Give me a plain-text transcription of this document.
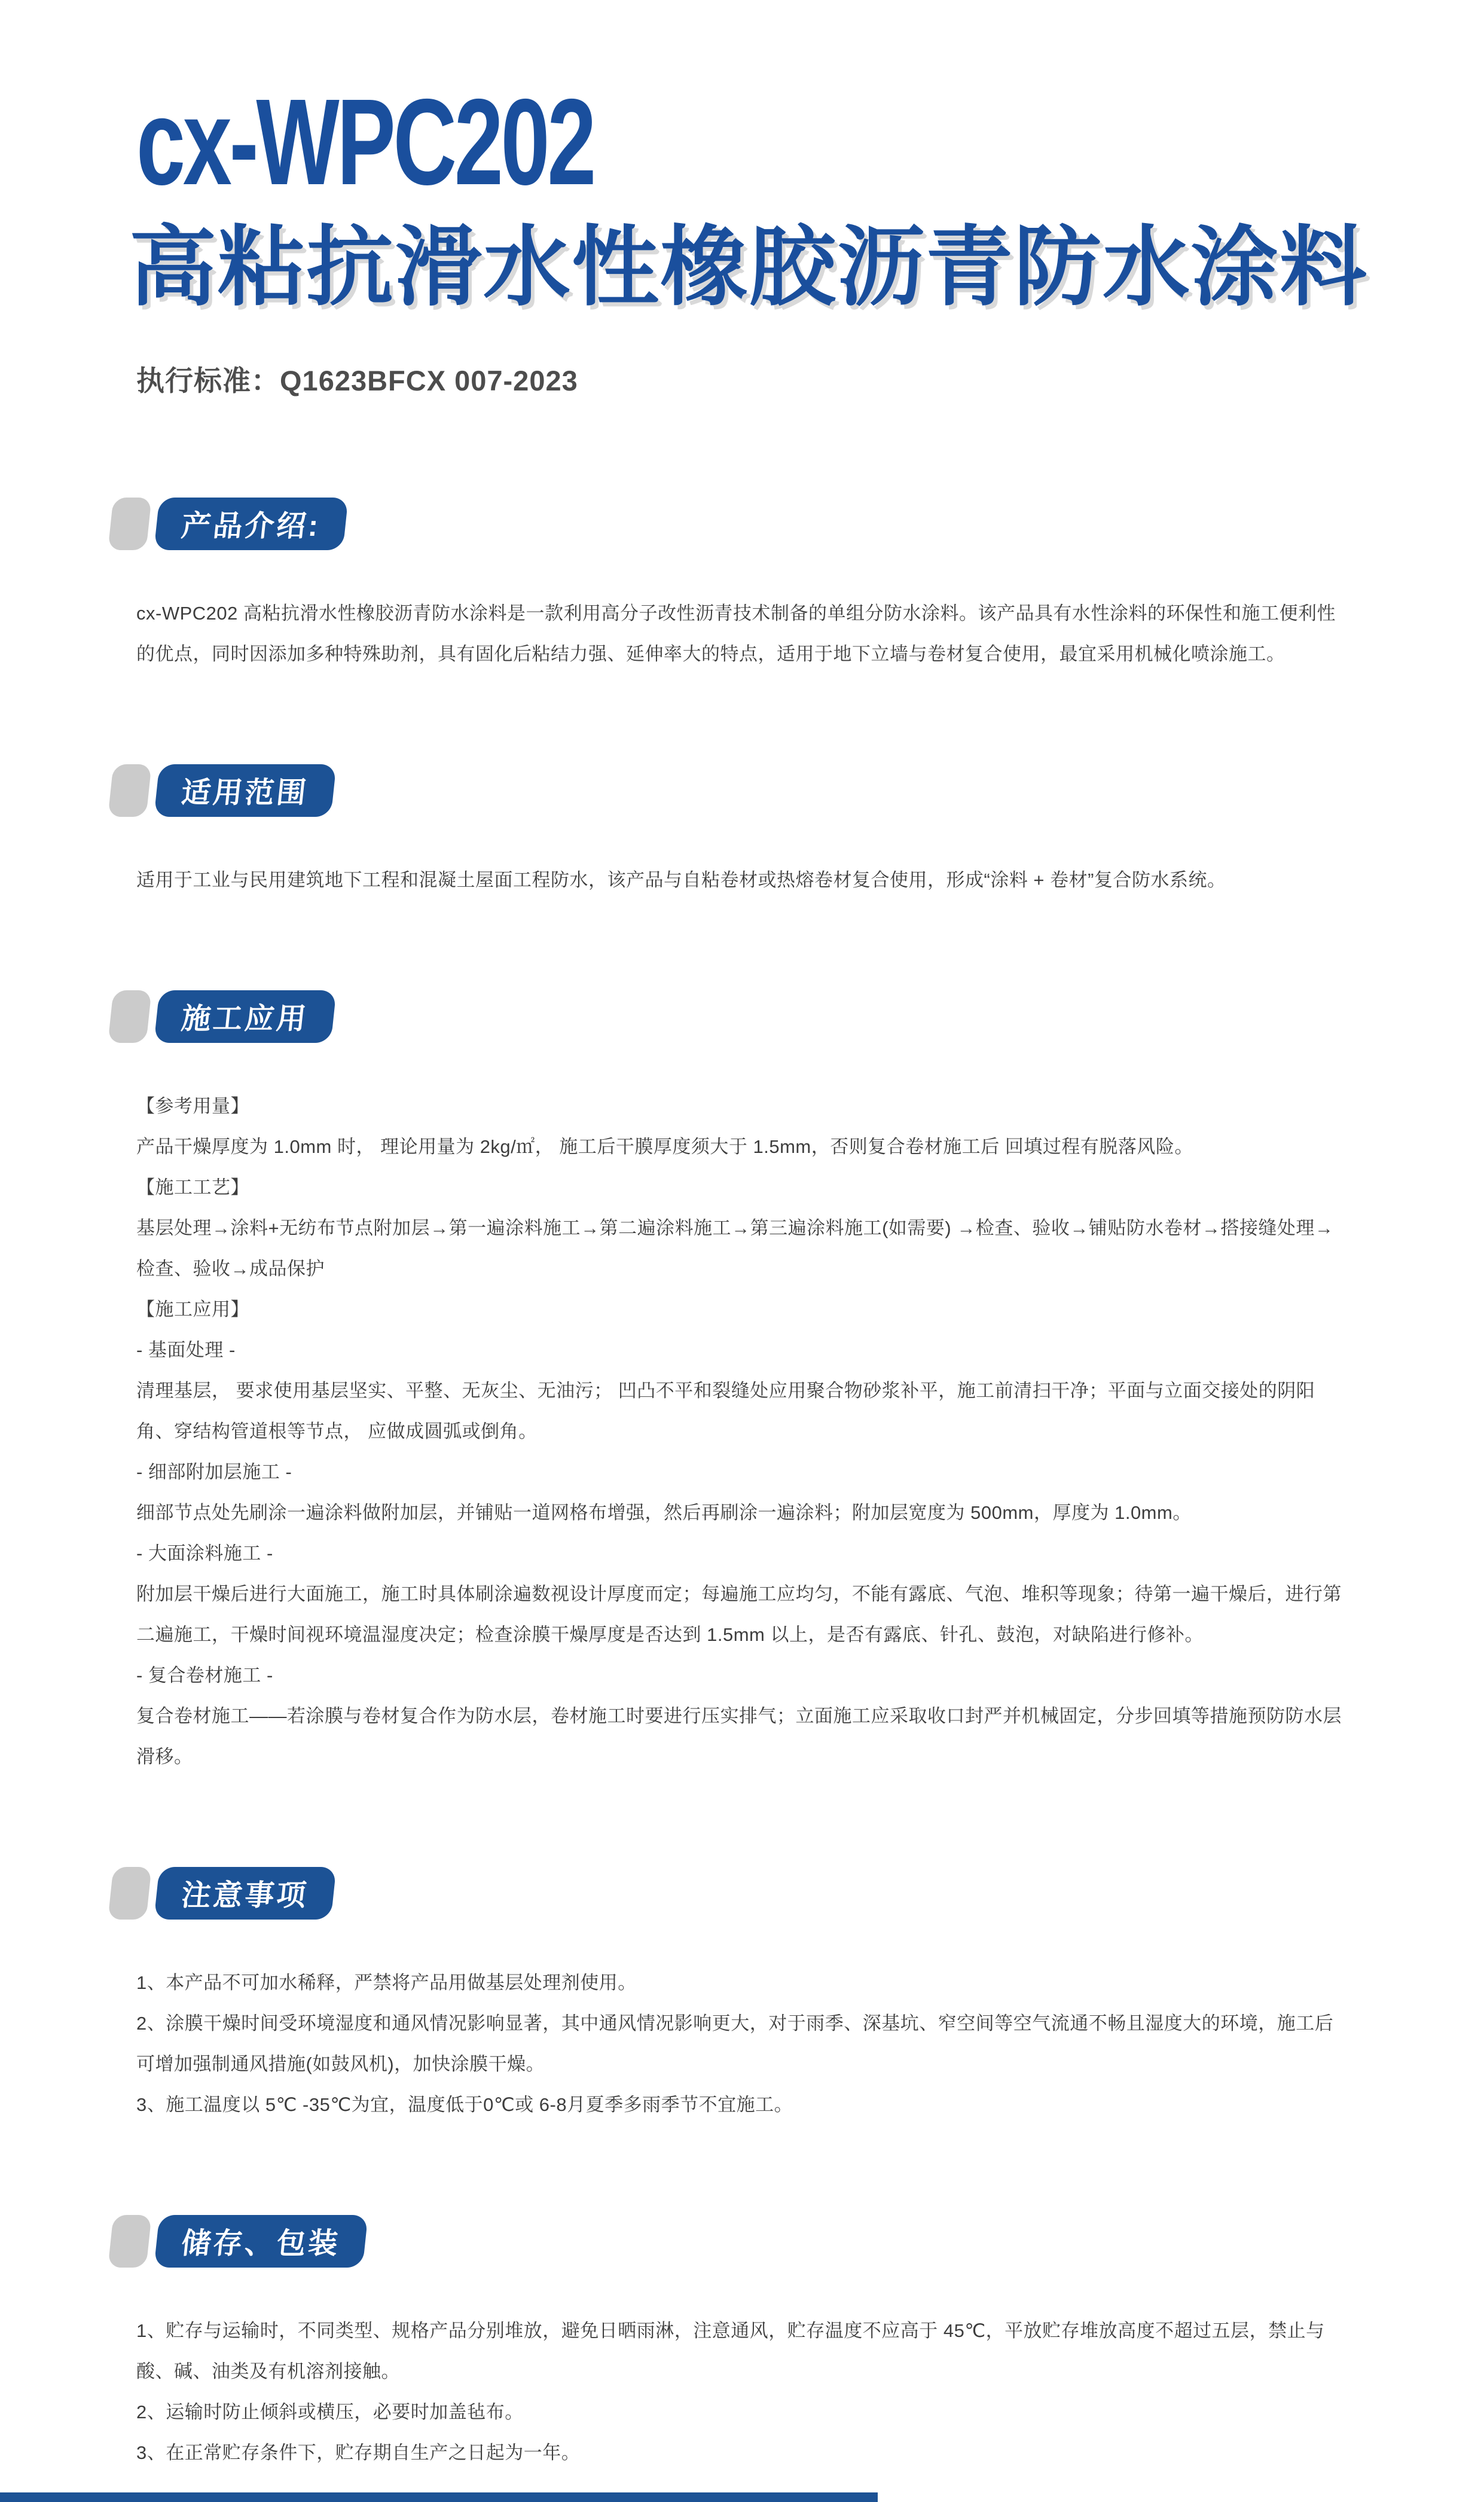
cx-WPC202
高粘抗滑水性橡胶沥青防水涂料
执行标准：Q1623BFCX 007-2023
产品介绍:

cx-WPC202 高粘抗滑水性橡胶沥青防水涂料是一款利用高分子改性沥青技术制备的单组分防水涂料。该产品具有水性涂料的环保性和施工便利性的优点，同时因添加多种特殊助剂，具有固化后粘结力强、延伸率大的特点，适用于地下立墙与卷材复合使用，最宜采用机械化喷涂施工。

适用范围

适用于工业与民用建筑地下工程和混凝土屋面工程防水，该产品与自粘卷材或热熔卷材复合使用，形成“涂料 + 卷材”复合防水系统。

施工应用

【参考用量】

产品干燥厚度为 1.0mm 时， 理论用量为 2kg/㎡， 施工后干膜厚度须大于 1.5mm，否则复合卷材施工后 回填过程有脱落风险。

【施工工艺】

基层处理→涂料+无纺布节点附加层→第一遍涂料施工→第二遍涂料施工→第三遍涂料施工(如需要) →检查、验收→铺贴防水卷材→搭接缝处理→检查、验收→成品保护

【施工应用】

- 基面处理 -

清理基层， 要求使用基层坚实、平整、无灰尘、无油污； 凹凸不平和裂缝处应用聚合物砂浆补平，施工前清扫干净；平面与立面交接处的阴阳角、穿结构管道根等节点， 应做成圆弧或倒角。

- 细部附加层施工 -

细部节点处先刷涂一遍涂料做附加层，并铺贴一道网格布增强，然后再刷涂一遍涂料；附加层宽度为 500mm，厚度为 1.0mm。

- 大面涂料施工 -

附加层干燥后进行大面施工，施工时具体刷涂遍数视设计厚度而定；每遍施工应均匀，不能有露底、气泡、堆积等现象；待第一遍干燥后，进行第二遍施工，干燥时间视环境温湿度决定；检查涂膜干燥厚度是否达到 1.5mm 以上，是否有露底、针孔、鼓泡，对缺陷进行修补。

- 复合卷材施工 -

复合卷材施工——若涂膜与卷材复合作为防水层，卷材施工时要进行压实排气；立面施工应采取收口封严并机械固定，分步回填等措施预防防水层滑移。

注意事项

1、本产品不可加水稀释，严禁将产品用做基层处理剂使用。

2、涂膜干燥时间受环境湿度和通风情况影响显著，其中通风情况影响更大，对于雨季、深基坑、窄空间等空气流通不畅且湿度大的环境，施工后可增加强制通风措施(如鼓风机)，加快涂膜干燥。

3、施工温度以 5℃ -35℃为宜，温度低于0℃或 6-8月夏季多雨季节不宜施工。

储存、包装

1、贮存与运输时，不同类型、规格产品分别堆放，避免日晒雨淋，注意通风，贮存温度不应高于 45℃，平放贮存堆放高度不超过五层，禁止与酸、碱、油类及有机溶剂接触。

2、运输时防止倾斜或横压，必要时加盖毡布。

3、在正常贮存条件下，贮存期自生产之日起为一年。
